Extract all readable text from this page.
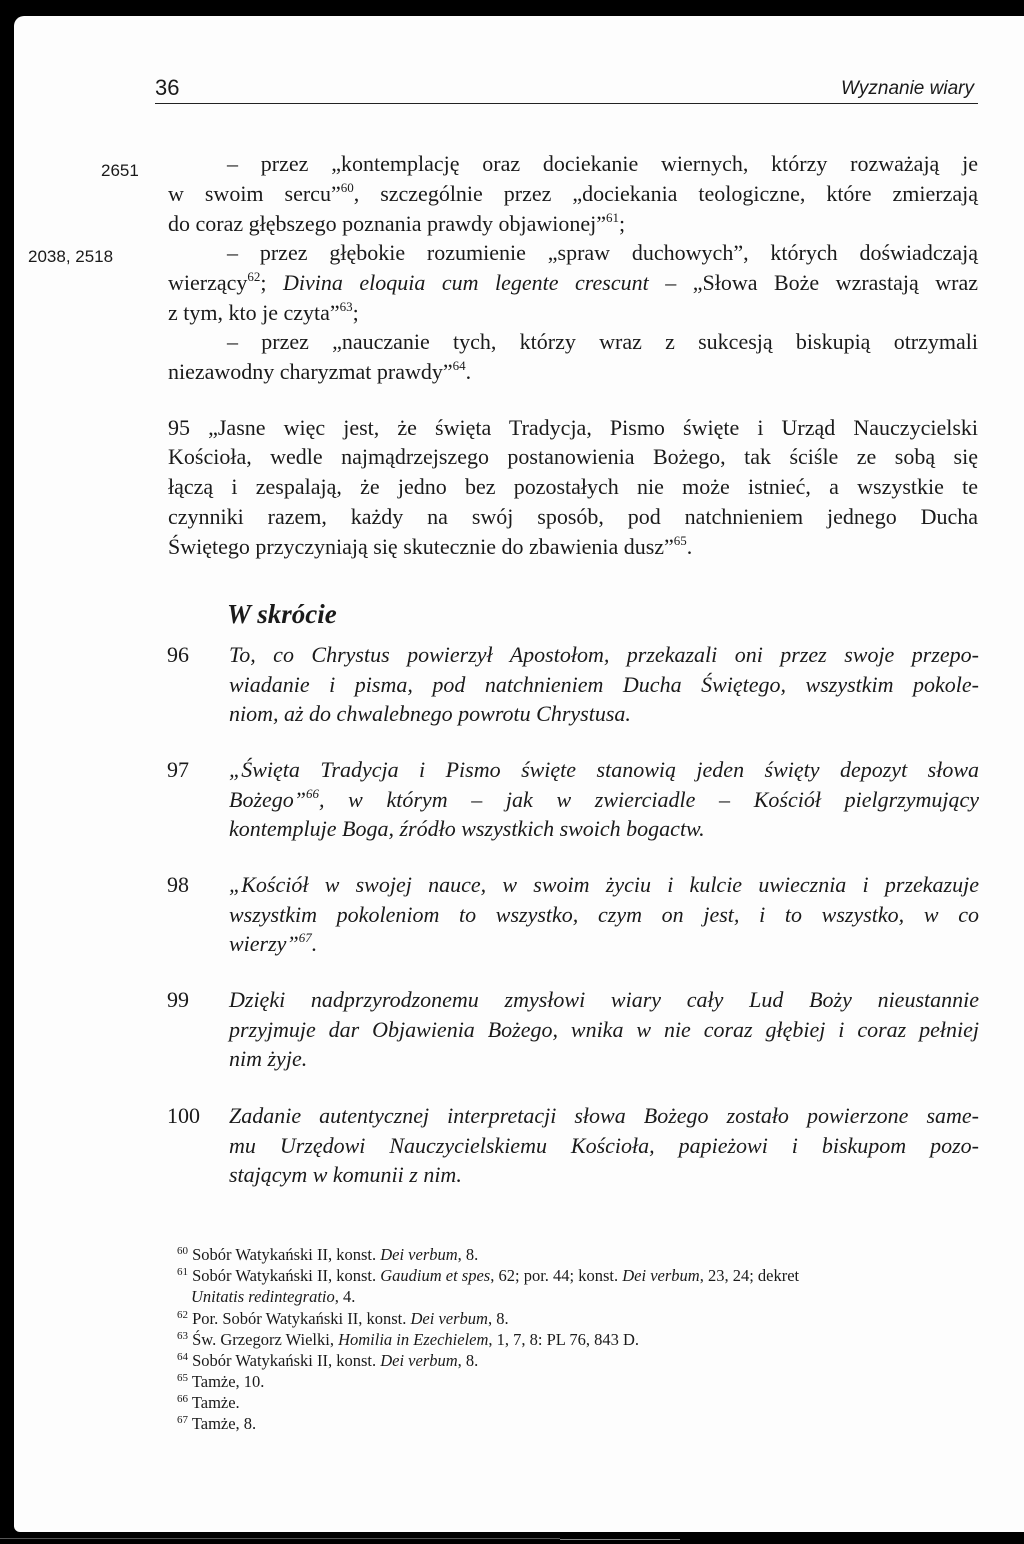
36	Wyznanie wiary
2651
2038, 2518
– przez „kontemplację oraz dociekanie wiernych, którzy rozważają je
w swoim sercu”$^{60}$, szczególnie przez „dociekania teologiczne, które zmierzają
do coraz głębszego poznania prawdy objawionej”$^{61}$;
– przez głębokie rozumienie „spraw duchowych”, których doświadczają
wierzący$^{62}$; Divina eloquia cum legente crescunt – „Słowa Boże wzrastają wraz
z tym, kto je czyta”$^{63}$;
– przez „nauczanie tych, którzy wraz z sukcesją biskupią otrzymali
niezawodny charyzmat prawdy”$^{64}$.
95 „Jasne więc jest, że święta Tradycja, Pismo święte i Urząd Nauczycielski
Kościoła, wedle najmądrzejszego postanowienia Bożego, tak ściśle ze sobą się
łączą i zespalają, że jedno bez pozostałych nie może istnieć, a wszystkie te
czynniki razem, każdy na swój sposób, pod natchnieniem jednego Ducha
Świętego przyczyniają się skutecznie do zbawienia dusz”$^{65}$.
W skrócie
96 To, co Chrystus powierzył Apostołom, przekazali oni przez swoje przepo-
wiadanie i pisma, pod natchnieniem Ducha Świętego, wszystkim pokole-
niom, aż do chwalebnego powrotu Chrystusa.
97 „Święta Tradycja i Pismo święte stanowią jeden święty depozyt słowa
Bożego”$^{66}$, w którym – jak w zwierciadle – Kościół pielgrzymujący
kontempluje Boga, źródło wszystkich swoich bogactw.
98 „Kościół w swojej nauce, w swoim życiu i kulcie uwiecznia i przekazuje
wszystkim pokoleniom to wszystko, czym on jest, i to wszystko, w co
wierzy”$^{67}$.
99 Dzięki nadprzyrodzonemu zmysłowi wiary cały Lud Boży nieustannie
przyjmuje dar Objawienia Bożego, wnika w nie coraz głębiej i coraz pełniej
nim żyje.
100 Zadanie autentycznej interpretacji słowa Bożego zostało powierzone same-
mu Urzędowi Nauczycielskiemu Kościoła, papieżowi i biskupom pozo-
stającym w komunii z nim.
$^{60}$ Sobór Watykański II, konst. Dei verbum, 8.
$^{61}$ Sobór Watykański II, konst. Gaudium et spes, 62; por. 44; konst. Dei verbum, 23, 24; dekret
Unitatis redintegratio, 4.
$^{62}$ Por. Sobór Watykański II, konst. Dei verbum, 8.
$^{63}$ Św. Grzegorz Wielki, Homilia in Ezechielem, 1, 7, 8: PL 76, 843 D.
$^{64}$ Sobór Watykański II, konst. Dei verbum, 8.
$^{65}$ Tamże, 10.
$^{66}$ Tamże.
$^{67}$ Tamże, 8.
